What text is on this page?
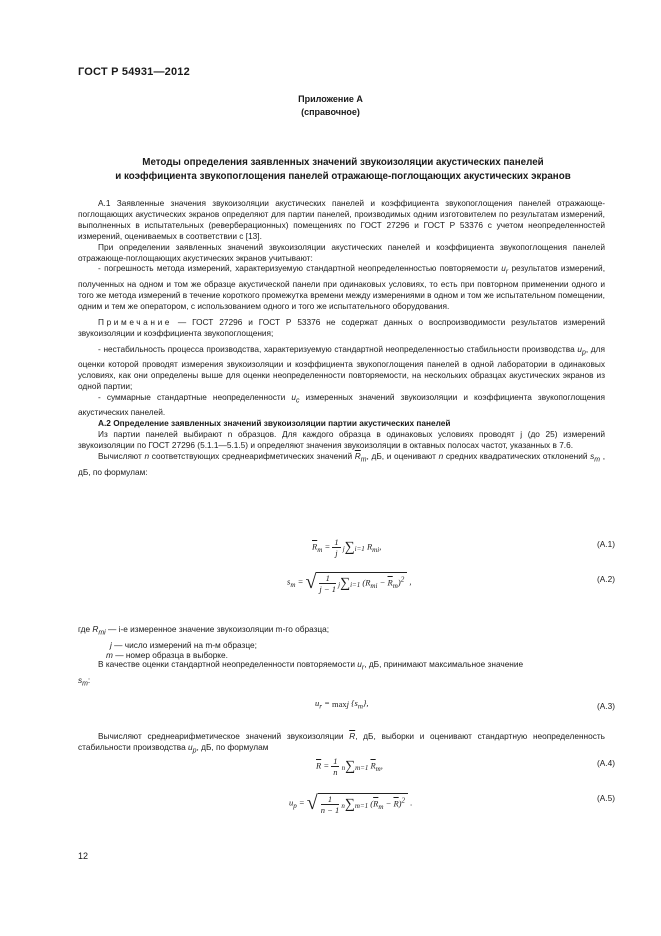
ГОСТ Р 54931—2012
Приложение А
(справочное)
Методы определения заявленных значений звукоизоляции акустических панелей
и коэффициента звукопоглощения панелей отражающе-поглощающих акустических экранов

А.1 Заявленные значения звукоизоляции акустических панелей и коэффициента звукопоглощения панелей отражающе-поглощающих акустических экранов определяют для партии панелей, производимых одним изготовителем по результатам измерений, выполненных в испытательных (реверберационных) помещениях по ГОСТ 27296 и ГОСТ Р 53376 с учетом неопределенностей измерений, оцениваемых в соответствии с [13].

При определении заявленных значений звукоизоляции акустических панелей и коэффициента звукопоглощения панелей отражающе-поглощающих акустических экранов учитывают:

- погрешность метода измерений, характеризуемую стандартной неопределенностью повторяемости $u_r$ результатов измерений, полученных на одном и том же образце акустической панели при одинаковых условиях, то есть при повторном применении одного и того же метода измерений в течение короткого промежутка времени между измерениями в одном и том же испытательном помещении, одним и тем же оператором, с использованием одного и того же испытательного оборудования.

Примечание — ГОСТ 27296 и ГОСТ Р 53376 не содержат данных о воспроизводимости результатов измерений звукоизоляции и коэффициента звукопоглощения;

- нестабильность процесса производства, характеризуемую стандартной неопределенностью стабильности производства $u_p$, для оценки которой проводят измерения звукоизоляции и коэффициента звукопоглощения панелей в одной лаборатории в одинаковых условиях, как они определены выше для оценки неопределенности повторяемости, на нескольких образцах акустических экранов из одной партии;

- суммарные стандартные неопределенности $u_c$ измеренных значений звукоизоляции и коэффициента звукопоглощения акустических панелей.

А.2 Определение заявленных значений звукоизоляции партии акустических панелей

Из партии панелей выбирают n образцов. Для каждого образца в одинаковых условиях проводят j (до 25) измерений звукоизоляции по ГОСТ 27296 (5.1.1—5.1.5) и определяют значения звукоизоляции в октавных полосах частот, указанных в 7.6.

Вычисляют n соответствующих среднеарифметических значений $\overline{R}_m$, дБ, и оценивают n средних квадратических отклонений $s_m$ , дБ, по формулам:

$\overline{R}_m = \frac{1}{j} j\sum i=1$ $R_{mi}$,	(А.1)
$s_m$ = √ $\frac{1}{j - 1} j\sum i=1$ $(R_{mi} - \overline{R}_m)^2$ ,	(А.2)
где $R_{mi}$ — i-е измеренное значение звукоизоляции m-го образца;
j — число измерений на m-м образце;
m — номер образца в выборке.

В качестве оценки стандартной неопределенности повторяемости $u_r$, дБ, принимают максимальное значение

$s_m$:

$u_r = \max j$ $\{s_m\}$,	(А.3)

Вычисляют среднеарифметическое значений звукоизоляции $\overline{R}$, дБ, выборки и оценивают стандартную неопределенность стабильности производства $u_p$, дБ, по формулам

$\overline{R} = \frac{1}{n} n\sum m=1$ $\overline{R}_m$,	(А.4)
$u_p$ = √ $\frac{1}{n - 1} n\sum m=1$ $(\overline{R}_m - \overline{R})^2$ .	(А.5)
12
